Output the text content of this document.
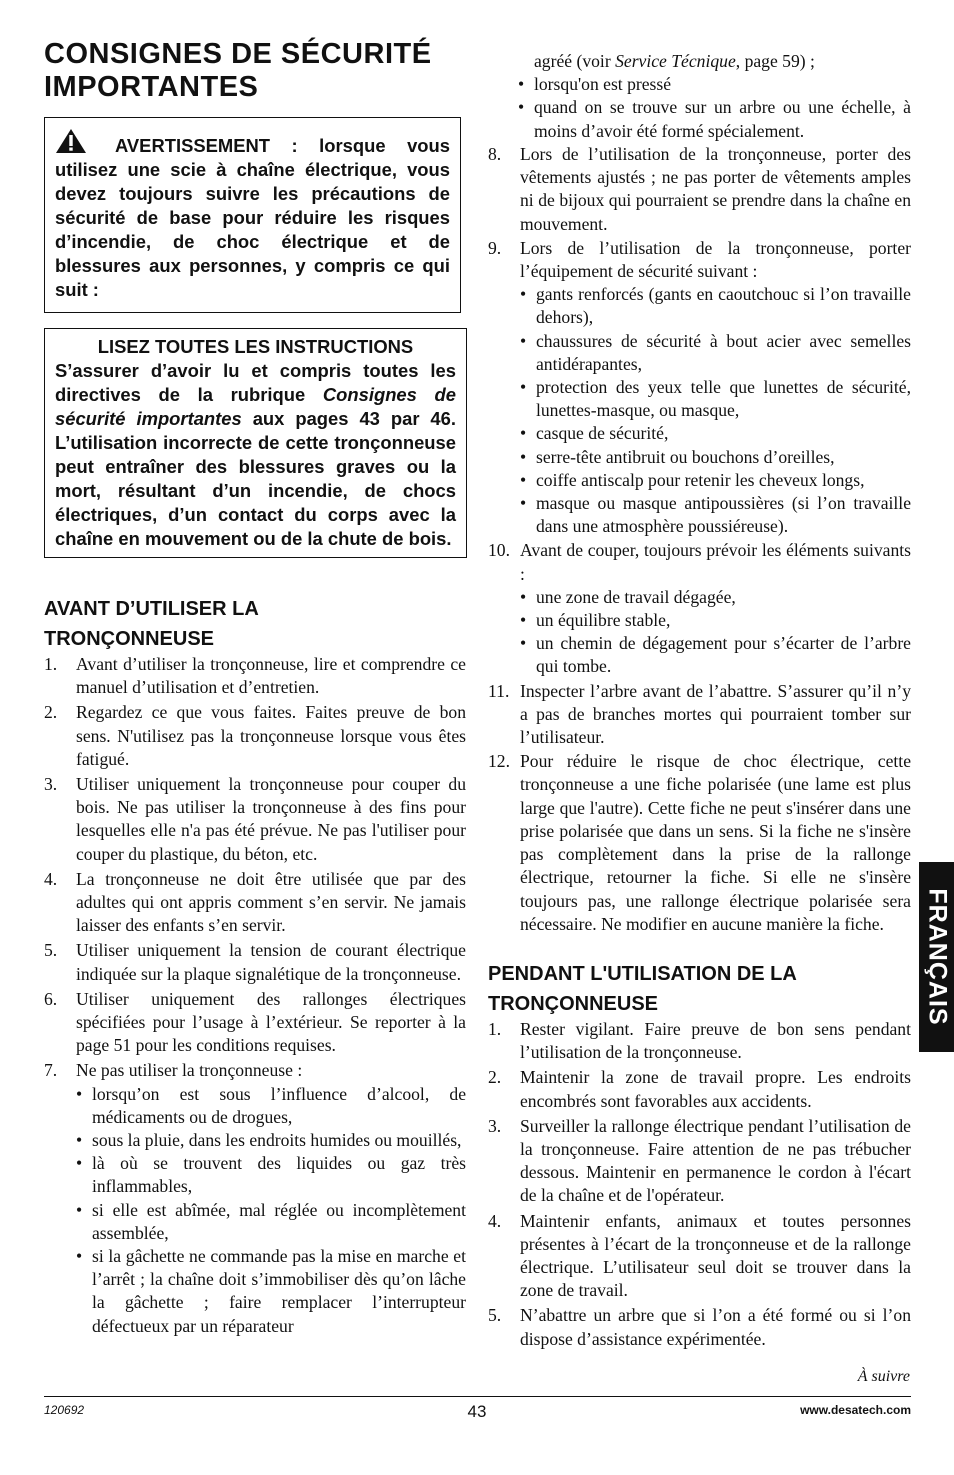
CONSIGNES DE SÉCURITÉ IMPORTANTES
AVERTISSEMENT : lorsque vous utilisez une scie à chaîne électrique, vous devez toujours suivre les précautions de sécurité de base pour réduire les risques d’incendie, de choc électrique et de blessures aux personnes, y compris ce qui suit :
LISEZ TOUTES LES INSTRUCTIONS
S’assurer d’avoir lu et compris toutes les directives de la rubrique Consignes de sécurité importantes aux pages 43 par 46. L’utilisation incorrecte de cette tronçonneuse peut entraîner des blessures graves ou la mort, résultant d’un incendie, de chocs électriques, d’un contact du corps avec la chaîne en mouvement ou de la chute de bois.
AVANT D’UTILISER LA
TRONÇONNEUSE
1. Avant d’utiliser la tronçonneuse, lire et comprendre ce manuel d’utilisation et d’entretien.
2. Regardez ce que vous faites. Faites preuve de bon sens. N'utilisez pas la tronçonneuse lorsque vous êtes fatigué.
3. Utiliser uniquement la tronçonneuse pour couper du bois. Ne pas utiliser la tronçonneuse à des fins pour lesquelles elle n'a pas été prévue. Ne pas l'utiliser pour couper du plastique, du béton, etc.
4. La tronçonneuse ne doit être utilisée que par des adultes qui ont appris comment s’en servir. Ne jamais laisser des enfants s’en servir.
5. Utiliser uniquement la tension de courant électrique indiquée sur la plaque signalétique de la tronçonneuse.
6. Utiliser uniquement des rallonges électriques spécifiées pour l’usage à l’extérieur. Se reporter à la page 51 pour les conditions requises.
7. Ne pas utiliser la tronçonneuse :
• lorsqu’on est sous l’influence d’alcool, de médicaments ou de drogues,
• sous la pluie, dans les endroits humides ou mouillés,
• là où se trouvent des liquides ou gaz très inflammables,
• si elle est abîmée, mal réglée ou incomplètement assemblée,
• si la gâchette ne commande pas la mise en marche et l’arrêt ; la chaîne doit s’immobiliser dès qu’on lâche la gâchette ; faire remplacer l’interrupteur défectueux par un réparateur
agréé (voir Service Técnique, page 59) ;
• lorsqu'on est pressé
• quand on se trouve sur un arbre ou une échelle, à moins d’avoir été formé spécialement.
8. Lors de l’utilisation de la tronçonneuse, porter des vêtements ajustés ; ne pas porter de vêtements amples ni de bijoux qui pourraient se prendre dans la chaîne en mouvement.
9. Lors de l’utilisation de la tronçonneuse, porter l’équipement de sécurité suivant :
• gants renforcés (gants en caoutchouc si l’on travaille dehors),
• chaussures de sécurité à bout acier avec semelles antidérapantes,
• protection des yeux telle que lunettes de sécurité, lunettes-masque, ou masque,
• casque de sécurité,
• serre-tête antibruit ou bouchons d’oreilles,
• coiffe antiscalp pour retenir les cheveux longs,
• masque ou masque antipoussières (si l’on travaille dans une atmosphère poussiéreuse).
10. Avant de couper, toujours prévoir les éléments suivants :
• une zone de travail dégagée,
• un équilibre stable,
• un chemin de dégagement pour s’écarter de l’arbre qui tombe.
11. Inspecter l’arbre avant de l’abattre. S’assurer qu’il n’y a pas de branches mortes qui pourraient tomber sur l’utilisateur.
12. Pour réduire le risque de choc électrique, cette tronçonneuse a une fiche polarisée (une lame est plus large que l'autre). Cette fiche ne peut s'insérer dans une prise polarisée que dans un sens. Si la fiche ne s'insère pas complètement dans la prise de la rallonge électrique, retourner la fiche. Si elle ne s'insère toujours pas, une rallonge électrique polarisée sera nécessaire. Ne modifier en aucune manière la fiche.
PENDANT L'UTILISATION DE LA
TRONÇONNEUSE
1. Rester vigilant. Faire preuve de bon sens pendant l’utilisation de la tronçonneuse.
2. Maintenir la zone de travail propre. Les endroits encombrés sont favorables aux accidents.
3. Surveiller la rallonge électrique pendant l’utilisation de la tronçonneuse. Faire attention de ne pas trébucher dessous. Maintenir en permanence le cordon à l'écart de la chaîne et de l'opérateur.
4. Maintenir enfants, animaux et toutes personnes présentes à l’écart de la tronçonneuse et de la rallonge électrique. L’utilisateur seul doit se trouver dans la zone de travail.
5. N’abattre un arbre que si l’on a été formé ou si l’on dispose d’assistance expérimentée.
FRANÇAIS
À suivre
120692	43	www.desatech.com
